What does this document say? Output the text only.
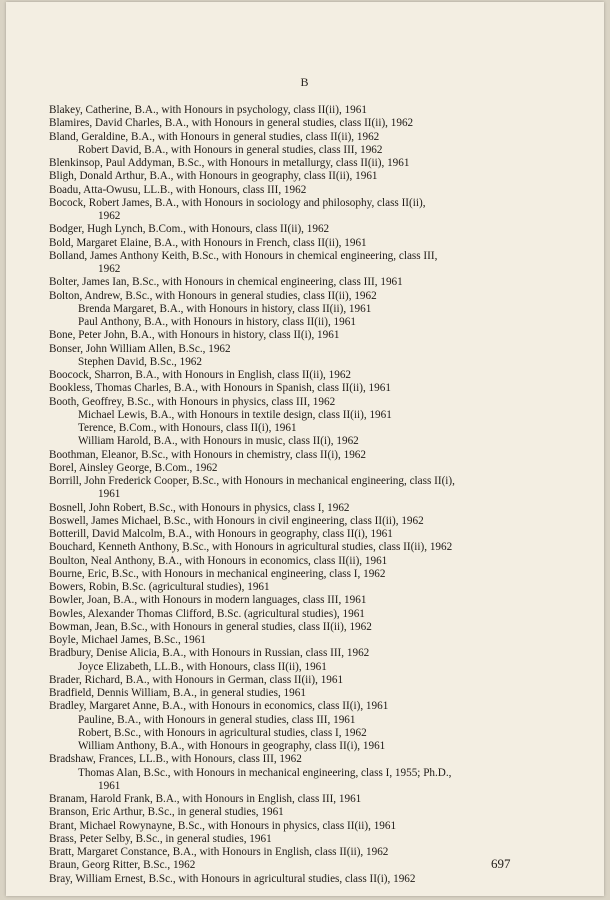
B
Blakey, Catherine, B.A., with Honours in psychology, class II(ii), 1961
Blamires, David Charles, B.A., with Honours in general studies, class II(ii), 1962
Bland, Geraldine, B.A., with Honours in general studies, class II(ii), 1962
Robert David, B.A., with Honours in general studies, class III, 1962
Blenkinsop, Paul Addyman, B.Sc., with Honours in metallurgy, class II(ii), 1961
Bligh, Donald Arthur, B.A., with Honours in geography, class II(ii), 1961
Boadu, Atta-Owusu, LL.B., with Honours, class III, 1962
Bocock, Robert James, B.A., with Honours in sociology and philosophy, class II(ii),
1962
Bodger, Hugh Lynch, B.Com., with Honours, class II(ii), 1962
Bold, Margaret Elaine, B.A., with Honours in French, class II(ii), 1961
Bolland, James Anthony Keith, B.Sc., with Honours in chemical engineering, class III,
1962
Bolter, James Ian, B.Sc., with Honours in chemical engineering, class III, 1961
Bolton, Andrew, B.Sc., with Honours in general studies, class II(ii), 1962
Brenda Margaret, B.A., with Honours in history, class II(ii), 1961
Paul Anthony, B.A., with Honours in history, class II(ii), 1961
Bone, Peter John, B.A., with Honours in history, class II(i), 1961
Bonser, John William Allen, B.Sc., 1962
Stephen David, B.Sc., 1962
Boocock, Sharron, B.A., with Honours in English, class II(ii), 1962
Bookless, Thomas Charles, B.A., with Honours in Spanish, class II(ii), 1961
Booth, Geoffrey, B.Sc., with Honours in physics, class III, 1962
Michael Lewis, B.A., with Honours in textile design, class II(ii), 1961
Terence, B.Com., with Honours, class II(i), 1961
William Harold, B.A., with Honours in music, class II(i), 1962
Boothman, Eleanor, B.Sc., with Honours in chemistry, class II(i), 1962
Borel, Ainsley George, B.Com., 1962
Borrill, John Frederick Cooper, B.Sc., with Honours in mechanical engineering, class II(i),
1961
Bosnell, John Robert, B.Sc., with Honours in physics, class I, 1962
Boswell, James Michael, B.Sc., with Honours in civil engineering, class II(ii), 1962
Botterill, David Malcolm, B.A., with Honours in geography, class II(i), 1961
Bouchard, Kenneth Anthony, B.Sc., with Honours in agricultural studies, class II(ii), 1962
Boulton, Neal Anthony, B.A., with Honours in economics, class II(ii), 1961
Bourne, Eric, B.Sc., with Honours in mechanical engineering, class I, 1962
Bowers, Robin, B.Sc. (agricultural studies), 1961
Bowler, Joan, B.A., with Honours in modern languages, class III, 1961
Bowles, Alexander Thomas Clifford, B.Sc. (agricultural studies), 1961
Bowman, Jean, B.Sc., with Honours in general studies, class II(ii), 1962
Boyle, Michael James, B.Sc., 1961
Bradbury, Denise Alicia, B.A., with Honours in Russian, class III, 1962
Joyce Elizabeth, LL.B., with Honours, class II(ii), 1961
Brader, Richard, B.A., with Honours in German, class II(ii), 1961
Bradfield, Dennis William, B.A., in general studies, 1961
Bradley, Margaret Anne, B.A., with Honours in economics, class II(i), 1961
Pauline, B.A., with Honours in general studies, class III, 1961
Robert, B.Sc., with Honours in agricultural studies, class I, 1962
William Anthony, B.A., with Honours in geography, class II(i), 1961
Bradshaw, Frances, LL.B., with Honours, class III, 1962
Thomas Alan, B.Sc., with Honours in mechanical engineering, class I, 1955; Ph.D.,
1961
Branam, Harold Frank, B.A., with Honours in English, class III, 1961
Branson, Eric Arthur, B.Sc., in general studies, 1961
Brant, Michael Rowynayne, B.Sc., with Honours in physics, class II(ii), 1961
Brass, Peter Selby, B.Sc., in general studies, 1961
Bratt, Margaret Constance, B.A., with Honours in English, class II(ii), 1962
Braun, Georg Ritter, B.Sc., 1962
Bray, William Ernest, B.Sc., with Honours in agricultural studies, class II(i), 1962
697
